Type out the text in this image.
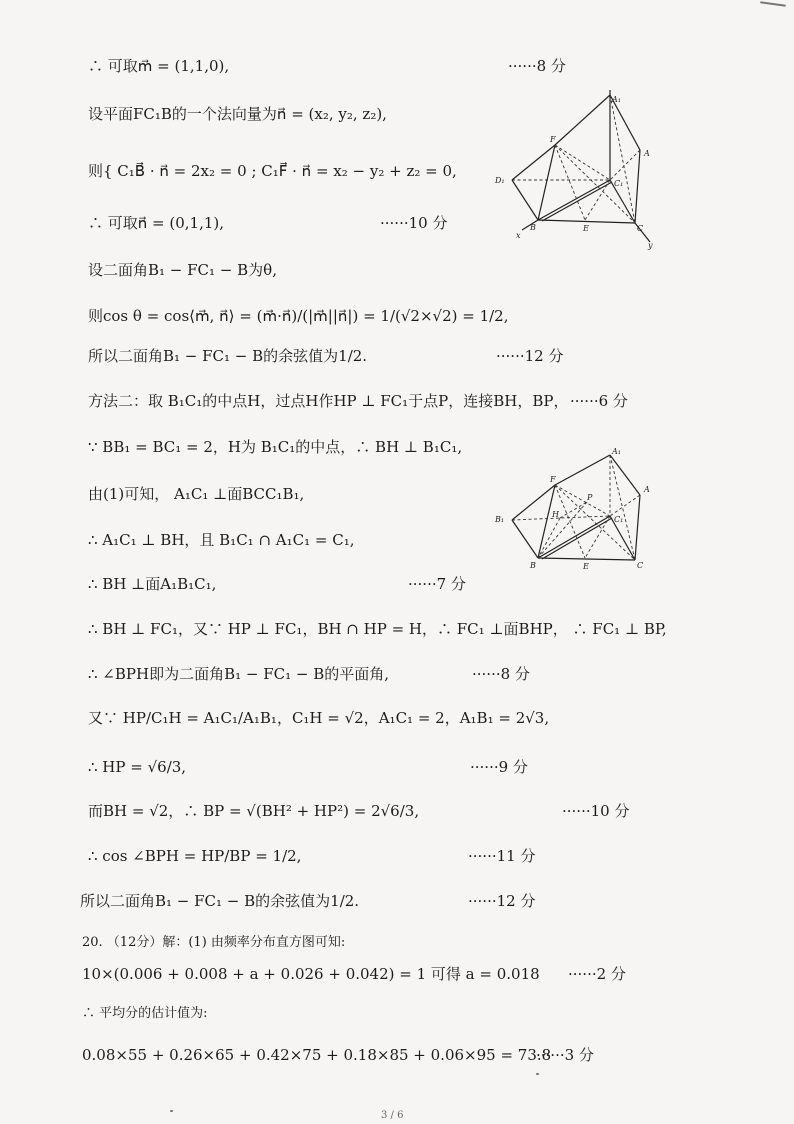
∴ 可取m⃗ = (1,1,0),	······8 分
设平面FC₁B的一个法向量为n⃗ = (x₂, y₂, z₂),
则{ C₁B⃗ · n⃗ = 2x₂ = 0 ; C₁F⃗ · n⃗ = x₂ − y₂ + z₂ = 0,
∴ 可取n⃗ = (0,1,1),	······10 分
设二面角B₁ − FC₁ − B为θ,
则cos θ = cos⟨m⃗, n⃗⟩ = (m⃗·n⃗)/(|m⃗||n⃗|) = 1/(√2×√2) = 1/2,
所以二面角B₁ − FC₁ − B的余弦值为1/2.	······12 分
方法二：取 B₁C₁的中点H，过点H作HP ⊥ FC₁于点P，连接BH，BP， ······6 分
∵ BB₁ = BC₁ = 2，H为 B₁C₁的中点，∴ BH ⊥ B₁C₁,
由(1)可知， A₁C₁ ⊥面BCC₁B₁,
∴ A₁C₁ ⊥ BH，且 B₁C₁ ∩ A₁C₁ = C₁,
∴ BH ⊥面A₁B₁C₁,	······7 分
∴ BH ⊥ FC₁，又∵ HP ⊥ FC₁，BH ∩ HP = H，∴ FC₁ ⊥面BHP， ∴ FC₁ ⊥ BP,
∴ ∠BPH即为二面角B₁ − FC₁ − B的平面角,	······8 分
又∵ HP/C₁H = A₁C₁/A₁B₁，C₁H = √2，A₁C₁ = 2，A₁B₁ = 2√3,
∴ HP = √6/3,	······9 分
而BH = √2，∴ BP = √(BH² + HP²) = 2√6/3,	······10 分
∴ cos ∠BPH = HP/BP = 1/2,	······11 分
所以二面角B₁ − FC₁ − B的余弦值为1/2.	······12 分
20. （12分）解：(1) 由频率分布直方图可知:
10×(0.006 + 0.008 + a + 0.026 + 0.042) = 1 可得 a = 0.018 ······2 分
∴ 平均分的估计值为:
0.08×55 + 0.26×65 + 0.42×75 + 0.18×85 + 0.06×95 = 73.8
······3 分
A₁
A
F
D₁	C₁
B	E	C
x
y
A₁
A
F
P
B₁
H
C₁
B	E	C
3 / 6
